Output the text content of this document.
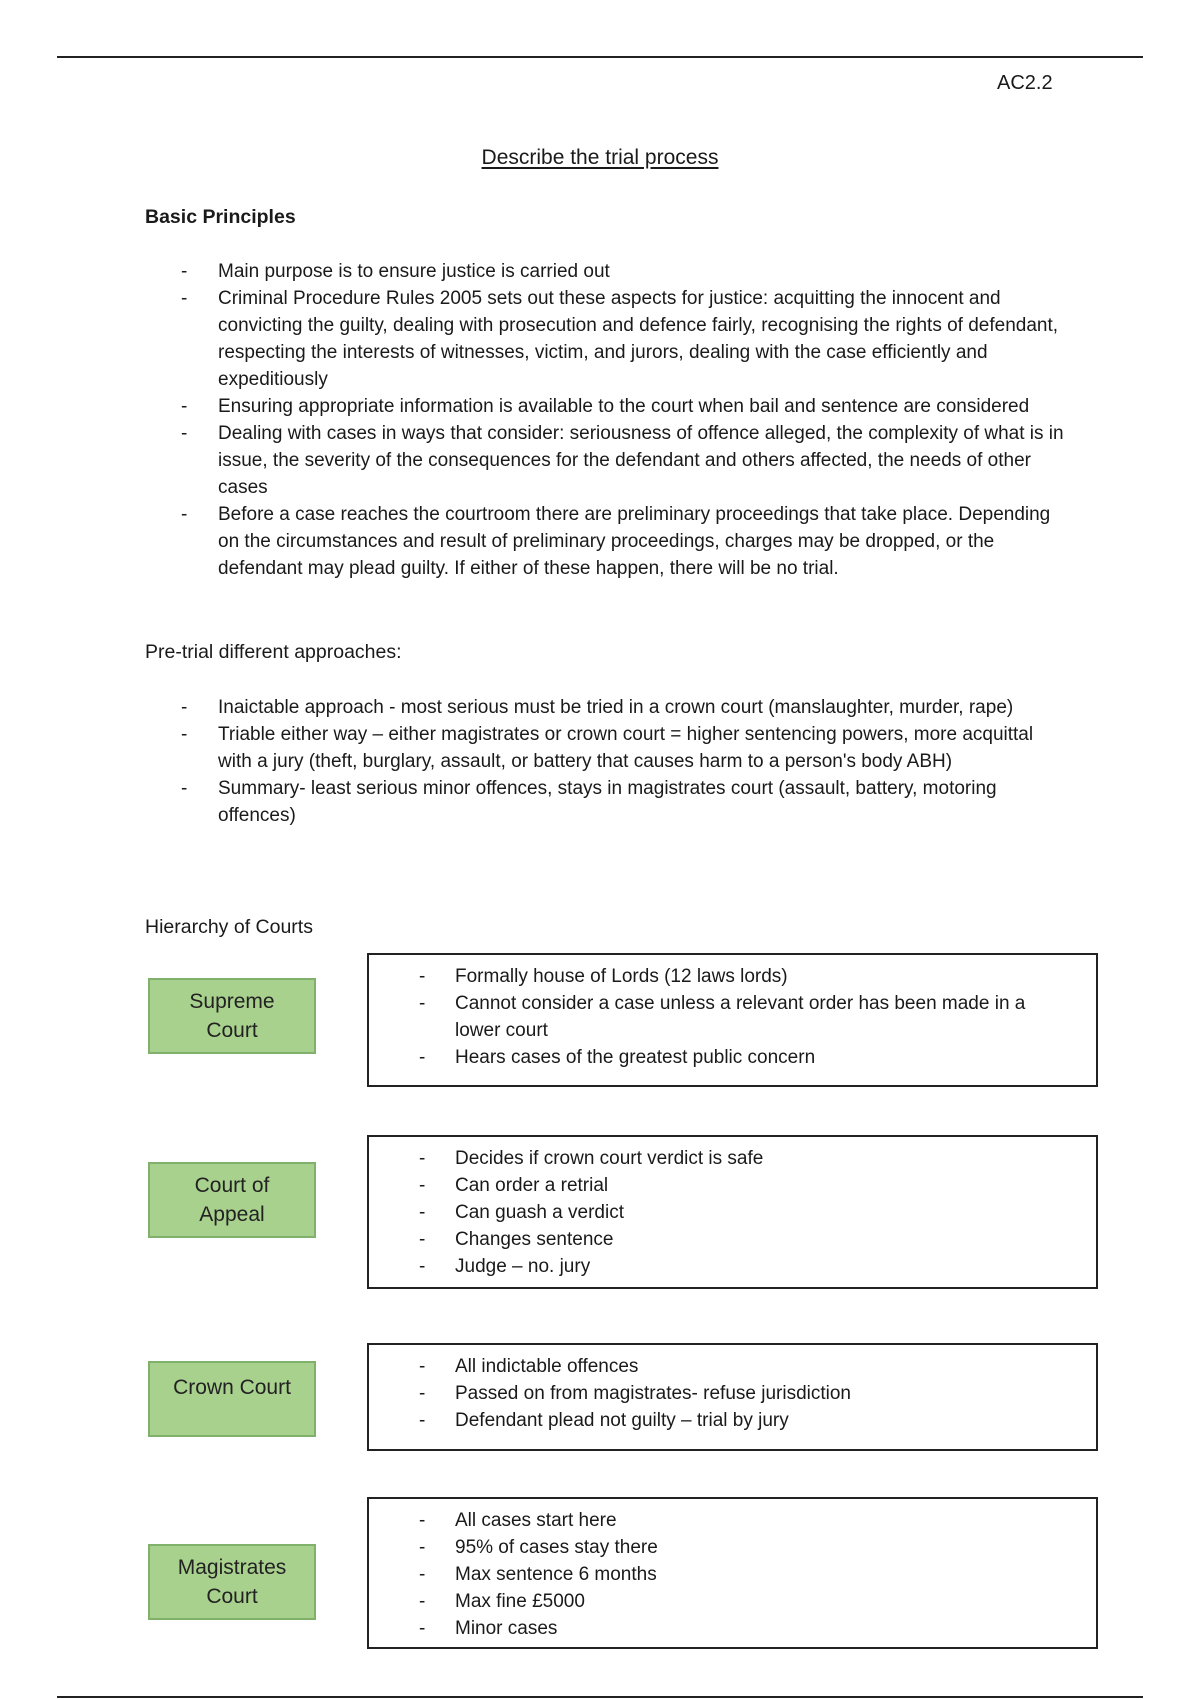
AC2.2
Describe the trial process
Basic Principles
- Main purpose is to ensure justice is carried out
- Criminal Procedure Rules 2005 sets out these aspects for justice: acquitting the innocent and convicting the guilty, dealing with prosecution and defence fairly, recognising the rights of defendant, respecting the interests of witnesses, victim, and jurors, dealing with the case efficiently and expeditiously
- Ensuring appropriate information is available to the court when bail and sentence are considered
- Dealing with cases in ways that consider: seriousness of offence alleged, the complexity of what is in issue, the severity of the consequences for the defendant and others affected, the needs of other cases
- Before a case reaches the courtroom there are preliminary proceedings that take place. Depending on the circumstances and result of preliminary proceedings, charges may be dropped, or the defendant may plead guilty. If either of these happen, there will be no trial.
Pre-trial different approaches:
- Inaictable approach - most serious must be tried in a crown court (manslaughter, murder, rape)
- Triable either way – either magistrates or crown court = higher sentencing powers, more acquittal with a jury (theft, burglary, assault, or battery that causes harm to a person's body ABH)
- Summary- least serious minor offences, stays in magistrates court (assault, battery, motoring offences)
Hierarchy of Courts
Supreme Court
- Formally house of Lords (12 laws lords)
- Cannot consider a case unless a relevant order has been made in a lower court
- Hears cases of the greatest public concern
Court of Appeal
- Decides if crown court verdict is safe
- Can order a retrial
- Can guash a verdict
- Changes sentence
- Judge – no. jury
Crown Court
- All indictable offences
- Passed on from magistrates- refuse jurisdiction
- Defendant plead not guilty – trial by jury
Magistrates Court
- All cases start here
- 95% of cases stay there
- Max sentence 6 months
- Max fine £5000
- Minor cases
